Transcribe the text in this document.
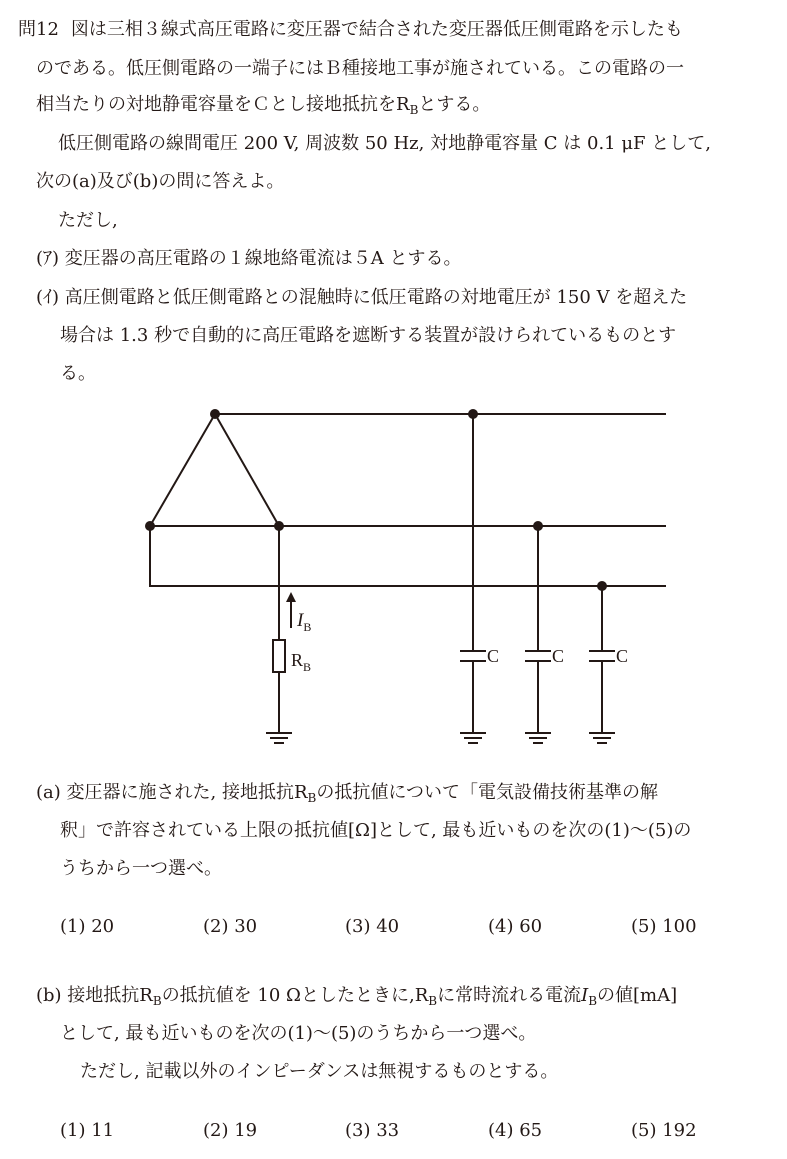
問12 図は三相３線式高圧電路に変圧器で結合された変圧器低圧側電路を示したも
のである。低圧側電路の一端子にはＢ種接地工事が施されている。この電路の一
相当たりの対地静電容量をＣとし接地抵抗を$R_B$とする。
低圧側電路の線間電圧 200 V, 周波数 50 Hz, 対地静電容量 C は 0.1 μF として,
次の(a)及び(b)の問に答えよ。
ただし,
(ｱ) 変圧器の高圧電路の１線地絡電流は５A とする。
(ｲ) 高圧側電路と低圧側電路との混触時に低圧電路の対地電圧が 150 V を超えた
場合は 1.3 秒で自動的に高圧電路を遮断する装置が設けられているものとす
る。
$I_B$
$R_B$
C	C	C
(a) 変圧器に施された, 接地抵抗$R_B$の抵抗値について「電気設備技術基準の解
釈」で許容されている上限の抵抗値[Ω]として, 最も近いものを次の(1)～(5)の
うちから一つ選べ。
(1) 20	(2) 30	(3) 40	(4) 60	(5) 100
(b) 接地抵抗$R_B$の抵抗値を 10 Ωとしたときに$,R_B$に常時流れる電流$I_B$の値[mA]
として, 最も近いものを次の(1)～(5)のうちから一つ選べ。
ただし, 記載以外のインピーダンスは無視するものとする。
(1) 11	(2) 19	(3) 33	(4) 65	(5) 192
